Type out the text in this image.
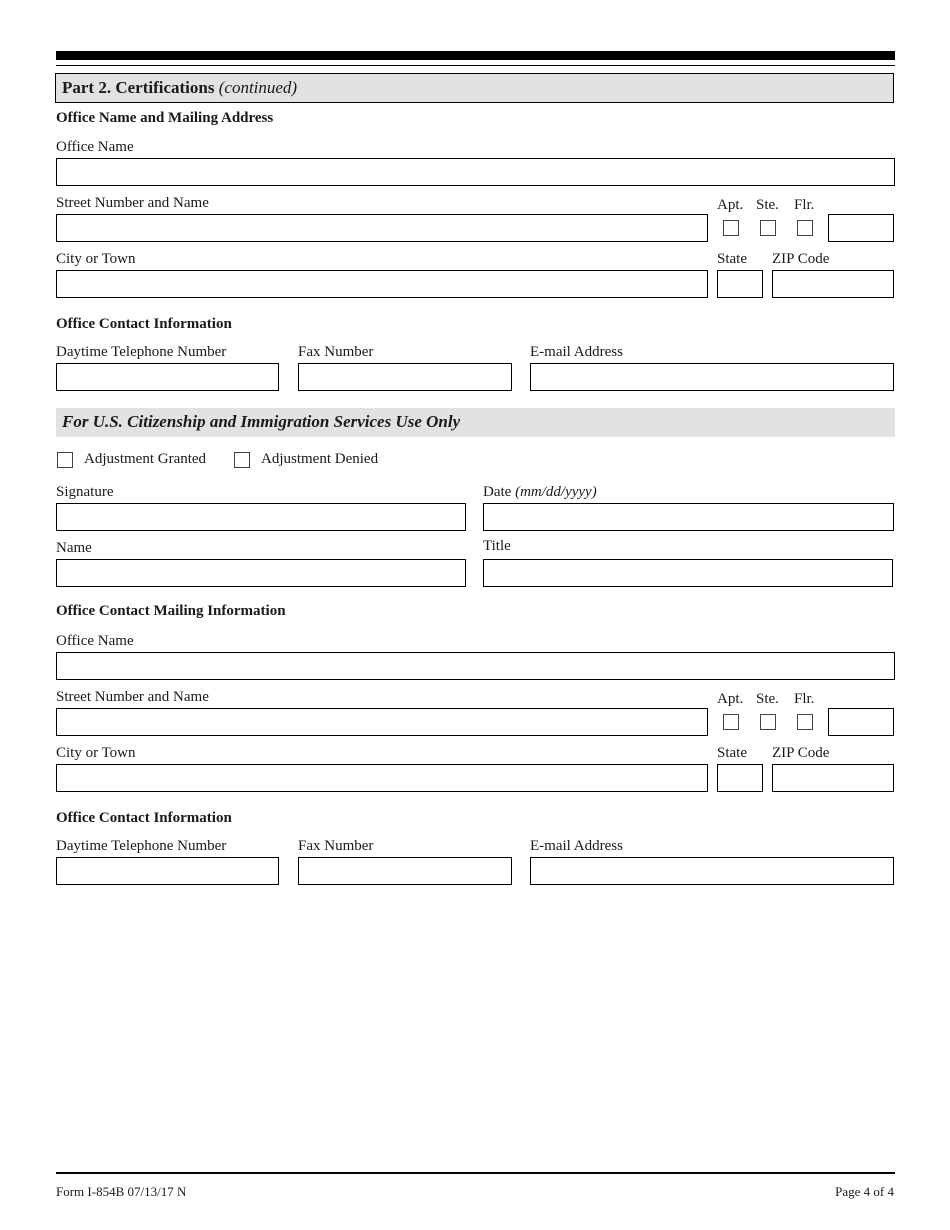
Part 2. Certifications (continued)
Office Name and Mailing Address
Office Name
Street Number and Name	Apt. Ste. Flr.
City or Town	State ZIP Code
Office Contact Information
Daytime Telephone Number	Fax Number	E-mail Address
For U.S. Citizenship and Immigration Services Use Only
Adjustment Granted	Adjustment Denied
Signature	Date (mm/dd/yyyy)
Name	Title
Office Contact Mailing Information
Office Name
Street Number and Name	Apt. Ste. Flr.
City or Town	State ZIP Code
Office Contact Information
Daytime Telephone Number	Fax Number	E-mail Address
Form I-854B 07/13/17 N	Page 4 of 4
